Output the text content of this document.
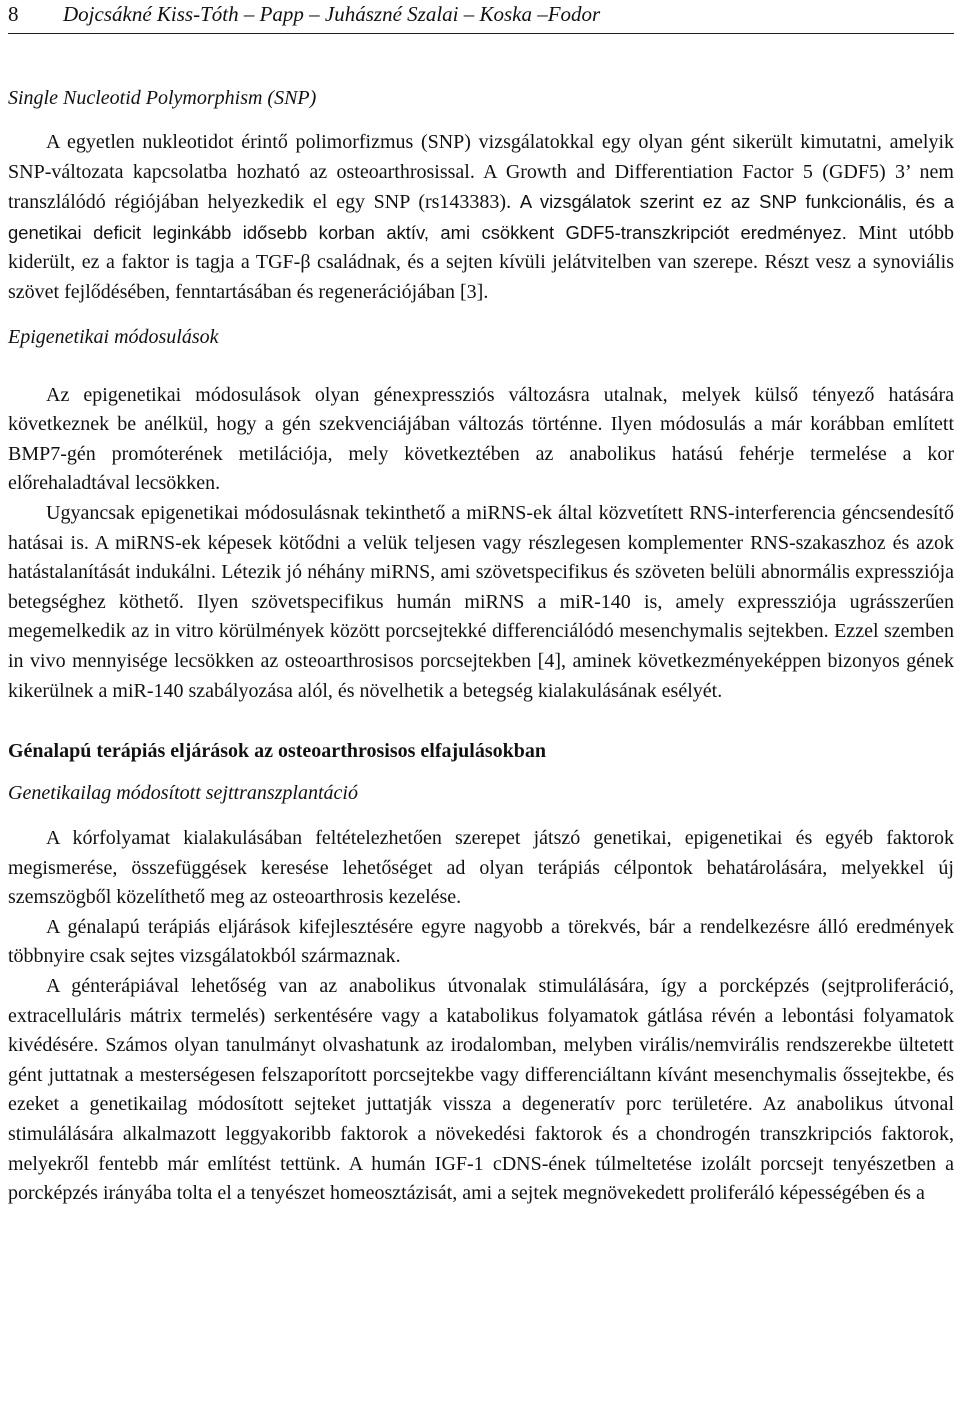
8 Dojcsákné Kiss-Tóth – Papp – Juhászné Szalai – Koska –Fodor
Single Nucleotid Polymorphism (SNP)

A egyetlen nukleotidot érintő polimorfizmus (SNP) vizsgálatokkal egy olyan gént sikerült kimutatni, amelyik SNP-változata kapcsolatba hozható az osteoarthrosissal. A Growth and Differentiation Factor 5 (GDF5) 3’ nem transzlálódó régiójában helyezkedik el egy SNP (rs143383). A vizsgálatok szerint ez az SNP funkcionális, és a genetikai deficit leginkább idősebb korban aktív, ami csökkent GDF5-transzkripciót eredményez. Mint utóbb kiderült, ez a faktor is tagja a TGF-β családnak, és a sejten kívüli jelátvitelben van szerepe. Részt vesz a synoviális szövet fejlődésében, fenntartásában és regenerációjában [3].

Epigenetikai módosulások

Az epigenetikai módosulások olyan génexpressziós változásra utalnak, melyek külső tényező hatására következnek be anélkül, hogy a gén szekvenciájában változás történne. Ilyen módosulás a már korábban említett BMP7-gén promóterének metilációja, mely következtében az anabolikus hatású fehérje termelése a kor előrehaladtával lecsökken.

Ugyancsak epigenetikai módosulásnak tekinthető a miRNS-ek által közvetített RNS-interferencia géncsendesítő hatásai is. A miRNS-ek képesek kötődni a velük teljesen vagy részlegesen komplementer RNS-szakaszhoz és azok hatástalanítását indukálni. Létezik jó néhány miRNS, ami szövetspecifikus és szöveten belüli abnormális expressziója betegséghez köthető. Ilyen szövetspecifikus humán miRNS a miR-140 is, amely expressziója ugrásszerűen megemelkedik az in vitro körülmények között porcsejtekké differenciálódó mesenchymalis sejtekben. Ezzel szemben in vivo mennyisége lecsökken az osteoarthrosisos porcsejtekben [4], aminek következményeképpen bizonyos gének kikerülnek a miR-140 szabályozása alól, és növelhetik a betegség kialakulásának esélyét.

Génalapú terápiás eljárások az osteoarthrosisos elfajulásokban
Genetikailag módosított sejttranszplantáció

A kórfolyamat kialakulásában feltételezhetően szerepet játszó genetikai, epigenetikai és egyéb faktorok megismerése, összefüggések keresése lehetőséget ad olyan terápiás célpontok behatárolására, melyekkel új szemszögből közelíthető meg az osteoarthrosis kezelése.

A génalapú terápiás eljárások kifejlesztésére egyre nagyobb a törekvés, bár a rendelkezésre álló eredmények többnyire csak sejtes vizsgálatokból származnak.

A génterápiával lehetőség van az anabolikus útvonalak stimulálására, így a porcképzés (sejtproliferáció, extracelluláris mátrix termelés) serkentésére vagy a katabolikus folyamatok gátlása révén a lebontási folyamatok kivédésére. Számos olyan tanulmányt olvashatunk az irodalomban, melyben virális/nemvirális rendszerekbe ültetett gént juttatnak a mesterségesen felszaporított porcsejtekbe vagy differenciáltann kívánt mesenchymalis őssejtekbe, és ezeket a genetikailag módosított sejteket juttatják vissza a degeneratív porc területére. Az anabolikus útvonal stimulálására alkalmazott leggyakoribb faktorok a növekedési faktorok és a chondrogén transzkripciós faktorok, melyekről fentebb már említést tettünk. A humán IGF-1 cDNS-ének túlmeltetése izolált porcsejt tenyészetben a porcképzés irányába tolta el a tenyészet homeosztázisát, ami a sejtek megnövekedett proliferáló képességében és a
